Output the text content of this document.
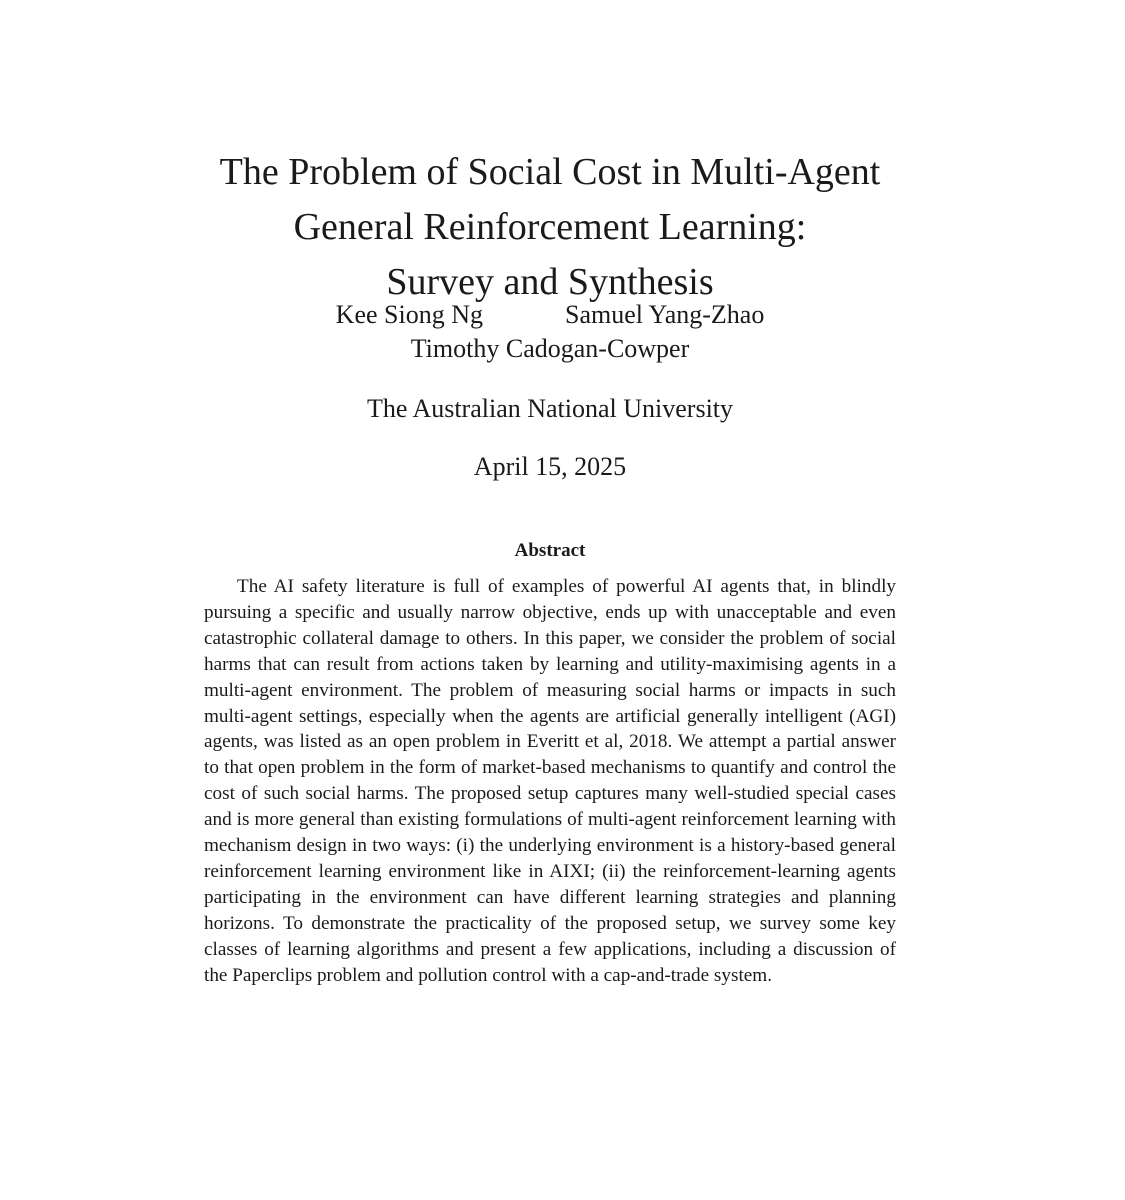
The Problem of Social Cost in Multi-Agent
General Reinforcement Learning:
Survey and Synthesis
Kee Siong Ng	Samuel Yang-Zhao
Timothy Cadogan-Cowper
The Australian National University
April 15, 2025
Abstract

The AI safety literature is full of examples of powerful AI agents that, in blindly pursuing a specific and usually narrow objective, ends up with unacceptable and even catastrophic collateral damage to others. In this paper, we consider the problem of social harms that can result from actions taken by learning and utility-maximising agents in a multi-agent environment. The problem of measuring social harms or impacts in such multi-agent settings, especially when the agents are artificial generally intelligent (AGI) agents, was listed as an open problem in Everitt et al, 2018. We attempt a partial answer to that open problem in the form of market-based mechanisms to quantify and control the cost of such social harms. The proposed setup captures many well-studied special cases and is more general than existing formulations of multi-agent reinforcement learning with mechanism design in two ways: (i) the underlying environment is a history-based general reinforcement learning environment like in AIXI; (ii) the reinforcement-learning agents participating in the environment can have different learning strategies and planning horizons. To demonstrate the practicality of the proposed setup, we survey some key classes of learning algorithms and present a few applications, including a discussion of the Paperclips problem and pollution control with a cap-and-trade system.
